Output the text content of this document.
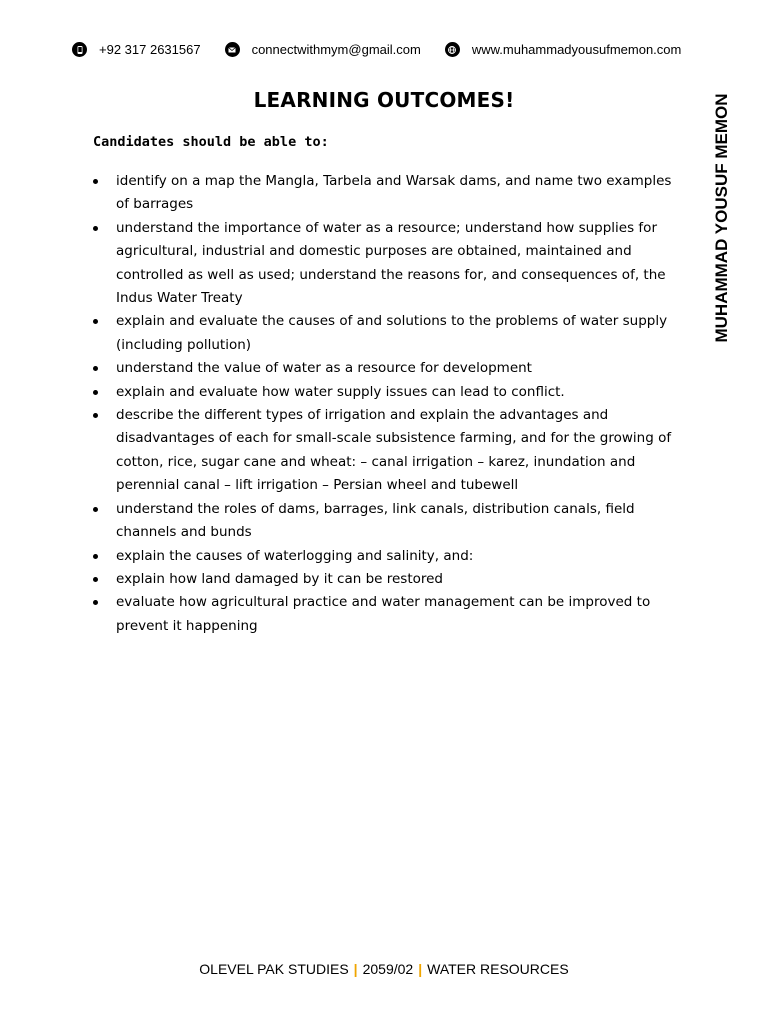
+92 317 2631567	connectwithmym@gmail.com	www.muhammadyousufmemon.com
LEARNING OUTCOMES!
Candidates should be able to:
identify on a map the Mangla, Tarbela and Warsak dams, and name two examples of barrages
understand the importance of water as a resource; understand how supplies for agricultural, industrial and domestic purposes are obtained, maintained and controlled as well as used; understand the reasons for, and consequences of, the Indus Water Treaty
explain and evaluate the causes of and solutions to the problems of water supply (including pollution)
understand the value of water as a resource for development
explain and evaluate how water supply issues can lead to conflict.
describe the different types of irrigation and explain the advantages and disadvantages of each for small-scale subsistence farming, and for the growing of cotton, rice, sugar cane and wheat: – canal irrigation – karez, inundation and perennial canal – lift irrigation – Persian wheel and tubewell
understand the roles of dams, barrages, link canals, distribution canals, field channels and bunds
explain the causes of waterlogging and salinity, and:
explain how land damaged by it can be restored
evaluate how agricultural practice and water management can be improved to prevent it happening
MUHAMMAD YOUSUF MEMON
OLEVEL PAK STUDIES | 2059/02 | WATER RESOURCES
